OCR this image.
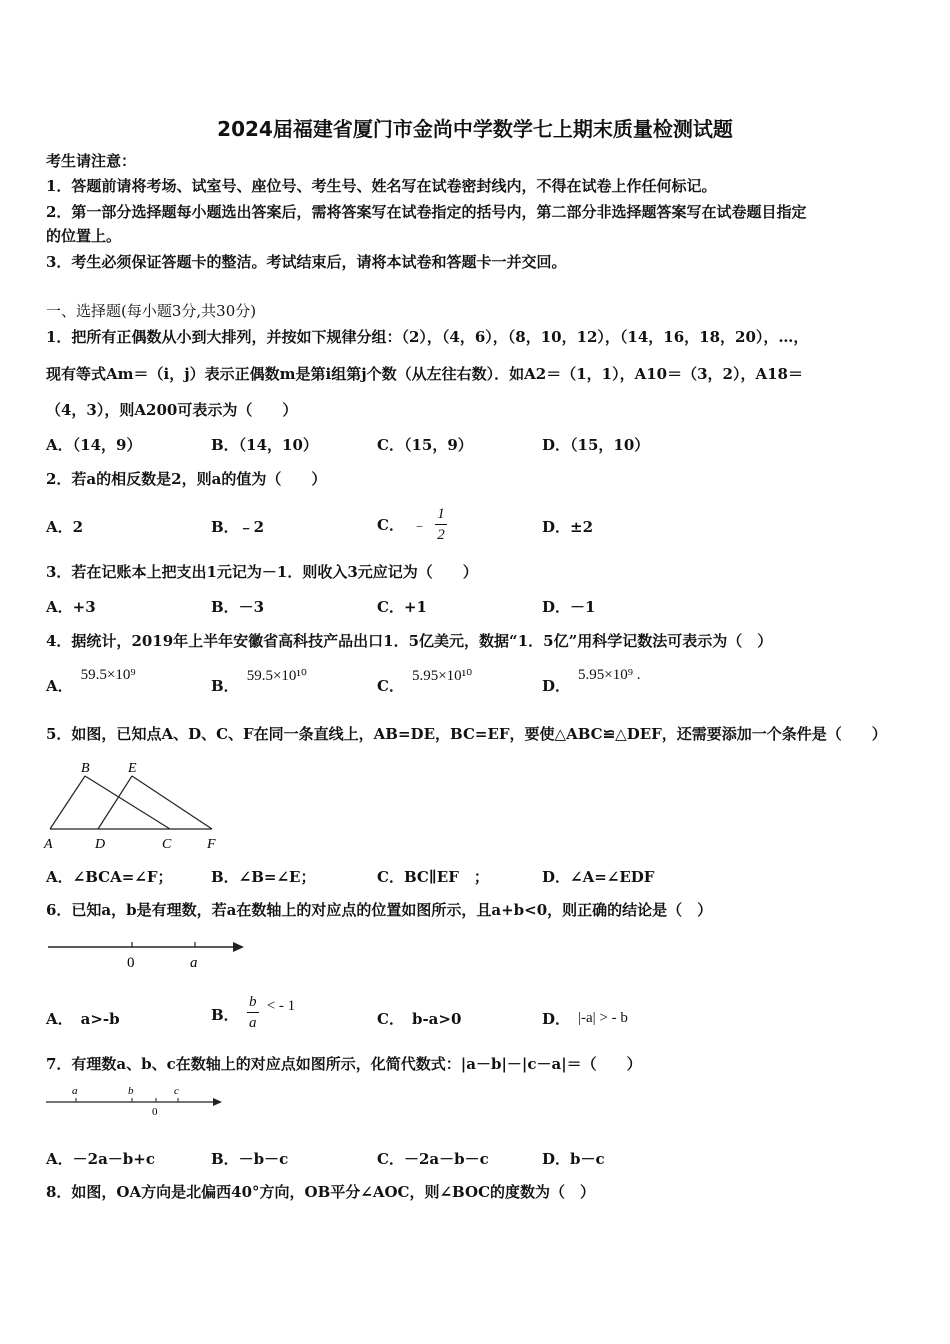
2024届福建省厦门市金尚中学数学七上期末质量检测试题
考生请注意：
1．答题前请将考场、试室号、座位号、考生号、姓名写在试卷密封线内，不得在试卷上作任何标记。
2．第一部分选择题每小题选出答案后，需将答案写在试卷指定的括号内，第二部分非选择题答案写在试卷题目指定
的位置上。
3．考生必须保证答题卡的整洁。考试结束后，请将本试卷和答题卡一并交回。
一、选择题(每小题3分,共30分)
1．把所有正偶数从小到大排列，并按如下规律分组：（2），（4，6），（8，10，12），（14，16，18，20），…，
现有等式Am＝（i，j）表示正偶数m是第i组第j个数（从左往右数）．如A2＝（1，1），A10＝（3，2），A18＝
（4，3），则A200可表示为（　　）
A．（14，9）	B．（14，10）	C．（15，9）	D．（15，10）
2．若a的相反数是2，则a的值为（　　）
A．2	B．﹣2	C． ﹣ $\frac{1}{2}$	D．±2
3．若在记账本上把支出1元记为－1．则收入3元应记为（　　）
A．+3	B．－3	C．+1	D．－1
4．据统计，2019年上半年安徽省高科技产品出口1．5亿美元，数据“1．5亿”用科学记数法可表示为（　）
A．
59.5×10⁹
B．
59.5×10¹⁰
C．
5.95×10¹⁰
D．
5.95×10⁹ .
5．如图，已知点A、D、C、F在同一条直线上，AB=DE，BC=EF，要使△ABC≌△DEF，还需要添加一个条件是（　　）
B	E
A	D	C	F
A．∠BCA=∠F；	B．∠B=∠E；	C．BC∥EF　；	D．∠A=∠EDF
6．已知a，b是有理数，若a在数轴上的对应点的位置如图所示，且a+b<0，则正确的结论是（　）
0	a
A． a>-b	B． $\frac{b}{a}$ < - 1
C． b-a>0	D． |-a| > - b
7．有理数a、b、c在数轴上的对应点如图所示，化简代数式：|a－b|－|c－a|＝（　　）
a	b	c
0
A．－2a－b+c	B．－b－c	C．－2a－b－c	D．b－c
8．如图，OA方向是北偏西40°方向，OB平分∠AOC，则∠BOC的度数为（　）
